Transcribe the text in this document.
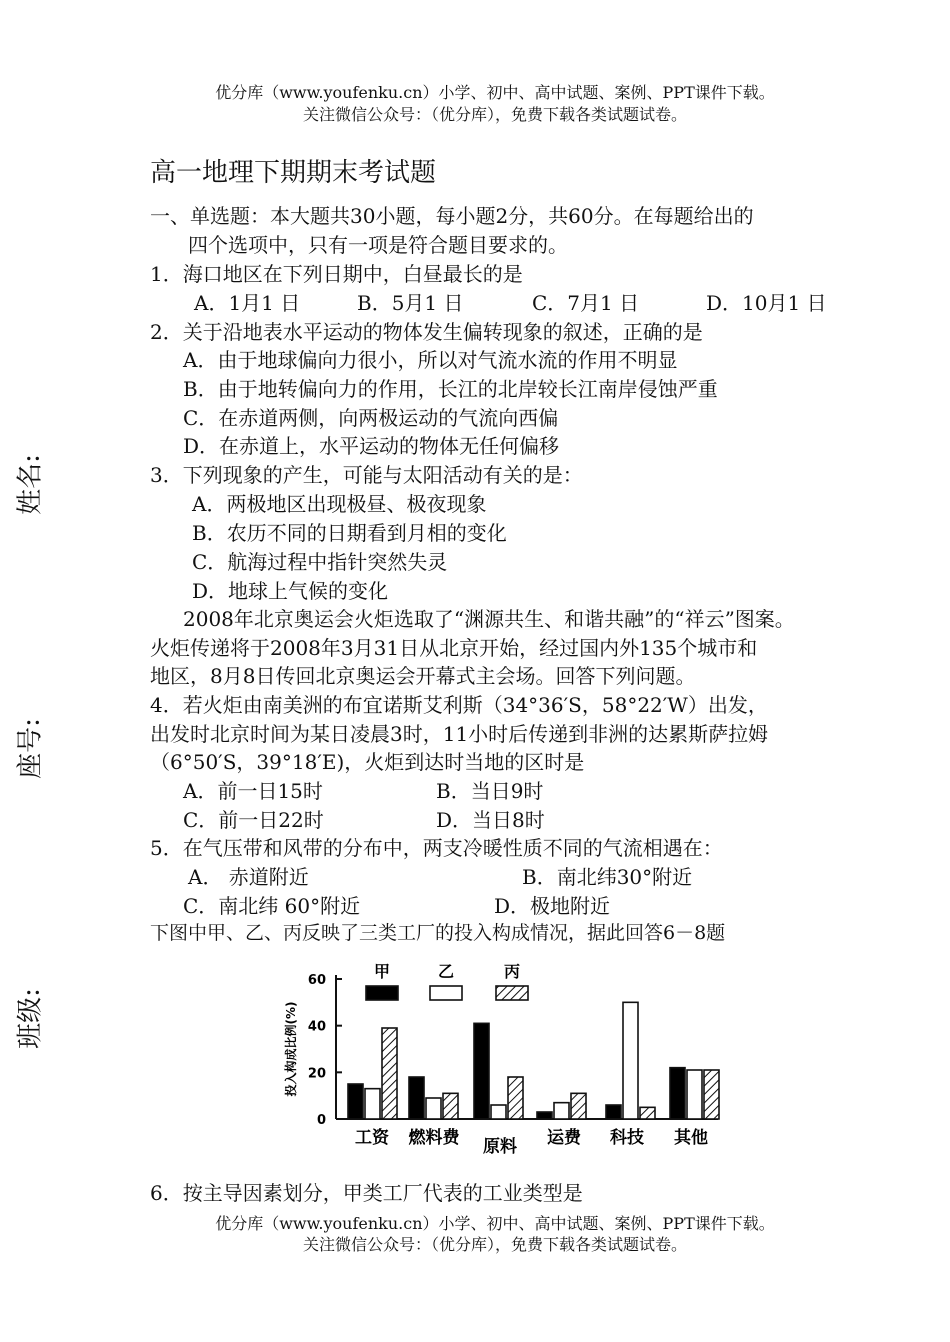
优分库（www.youfenku.cn）小学、初中、高中试题、案例、PPT课件下载。
关注微信公众号：（优分库），免费下载各类试题试卷。
姓名:
座号:
班级:
高一地理下期期末考试题
一、单选题：本大题共30小题，每小题2分，共60分。在每题给出的
四个选项中，只有一项是符合题目要求的。
1．海口地区在下列日期中，白昼最长的是
A．1月1 日	B．5月1 日	C．7月1 日	D．10月1 日
2．关于沿地表水平运动的物体发生偏转现象的叙述，正确的是
A．由于地球偏向力很小，所以对气流水流的作用不明显
B．由于地转偏向力的作用，长江的北岸较长江南岸侵蚀严重
C．在赤道两侧，向两极运动的气流向西偏
D．在赤道上，水平运动的物体无任何偏移
3．下列现象的产生，可能与太阳活动有关的是：
A．两极地区出现极昼、极夜现象
B．农历不同的日期看到月相的变化
C．航海过程中指针突然失灵
D．地球上气候的变化
2008年北京奥运会火炬选取了“渊源共生、和谐共融”的“祥云”图案。
火炬传递将于2008年3月31日从北京开始，经过国内外135个城市和
地区，8月8日传回北京奥运会开幕式主会场。回答下列问题。
4．若火炬由南美洲的布宜诺斯艾利斯（34°36′S，58°22′W）出发，
出发时北京时间为某日凌晨3时，11小时后传递到非洲的达累斯萨拉姆
（6°50′S，39°18′E)，火炬到达时当地的区时是
A．前一日15时	B．当日9时
C．前一日22时	D．当日8时
5．在气压带和风带的分布中，两支冷暖性质不同的气流相遇在：
A． 赤道附近	B．南北纬30°附近
C．南北纬 60°附近	D．极地附近
下图中甲、乙、丙反映了三类工厂的投入构成情况，据此回答6－8题
0
20
40
60
投入构成比例(%)
工资 燃料费 原料 运费 科技 其他
甲	乙	丙
6．按主导因素划分，甲类工厂代表的工业类型是
优分库（www.youfenku.cn）小学、初中、高中试题、案例、PPT课件下载。
关注微信公众号：（优分库），免费下载各类试题试卷。
